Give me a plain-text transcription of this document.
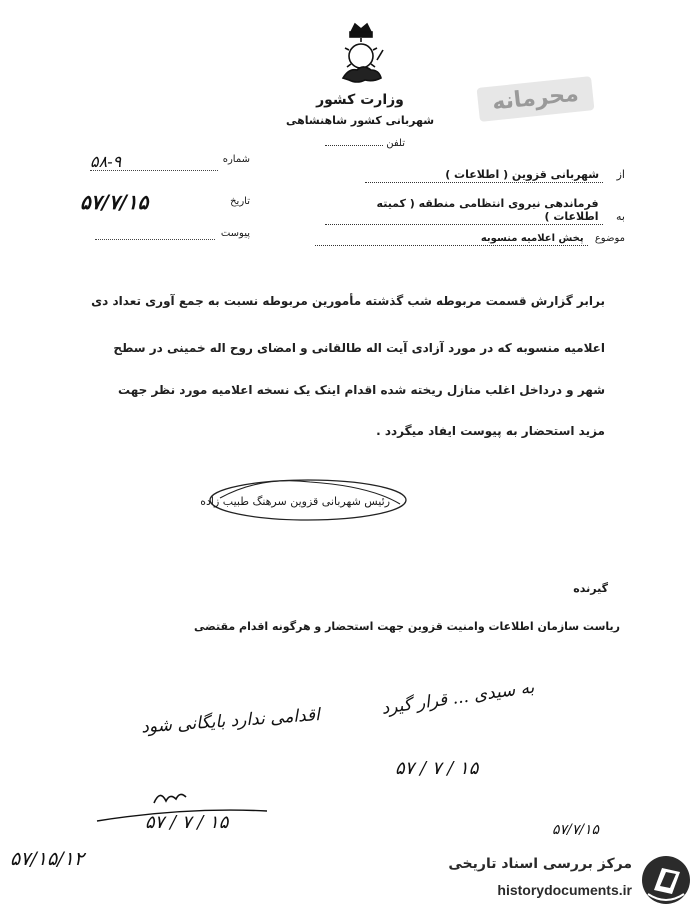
وزارت کشور
شهربانی کشور شاهنشاهی
تلفن
محرمانه
شماره
۵۸-۹
تاریخ
۵۷/۷/۱۵
پیوست
از شهربانی قزوین ( اطلاعات )
به فرماندهی نیروی انتظامی منطقه ( کمیته اطلاعات )
موضوع پخش اعلامیه منسوبه
برابر گزارش قسمت مربوطه شب گذشته مأمورین مربوطه نسبت به جمع آوری تعداد دی
اعلامیه منسوبه که در مورد آزادی آیت اله طالقانی و امضای روح اله خمینی در سطح
شهر و درداخل اغلب منازل ریخته شده اقدام اینک یک نسخه اعلامیه مورد نظر جهت
مزید استحضار به پیوست ایفاد میگردد .
رئیس شهربانی قزوین سرهنگ طبیب زاده
گیرنده
ریاست سازمان اطلاعات وامنیت قزوین جهت استحضار و هرگونه اقدام مقتضی
به سیدی ... قرار گیرد
۵۷ / ۷ / ۱۵
اقدامی ندارد بایگانی شود
۵۷ / ۷ / ۱۵
۵۷/۱۵/۱۲
۵۷/۷/۱۵
مرکز بررسی اسناد تاریخی
historydocuments.ir
